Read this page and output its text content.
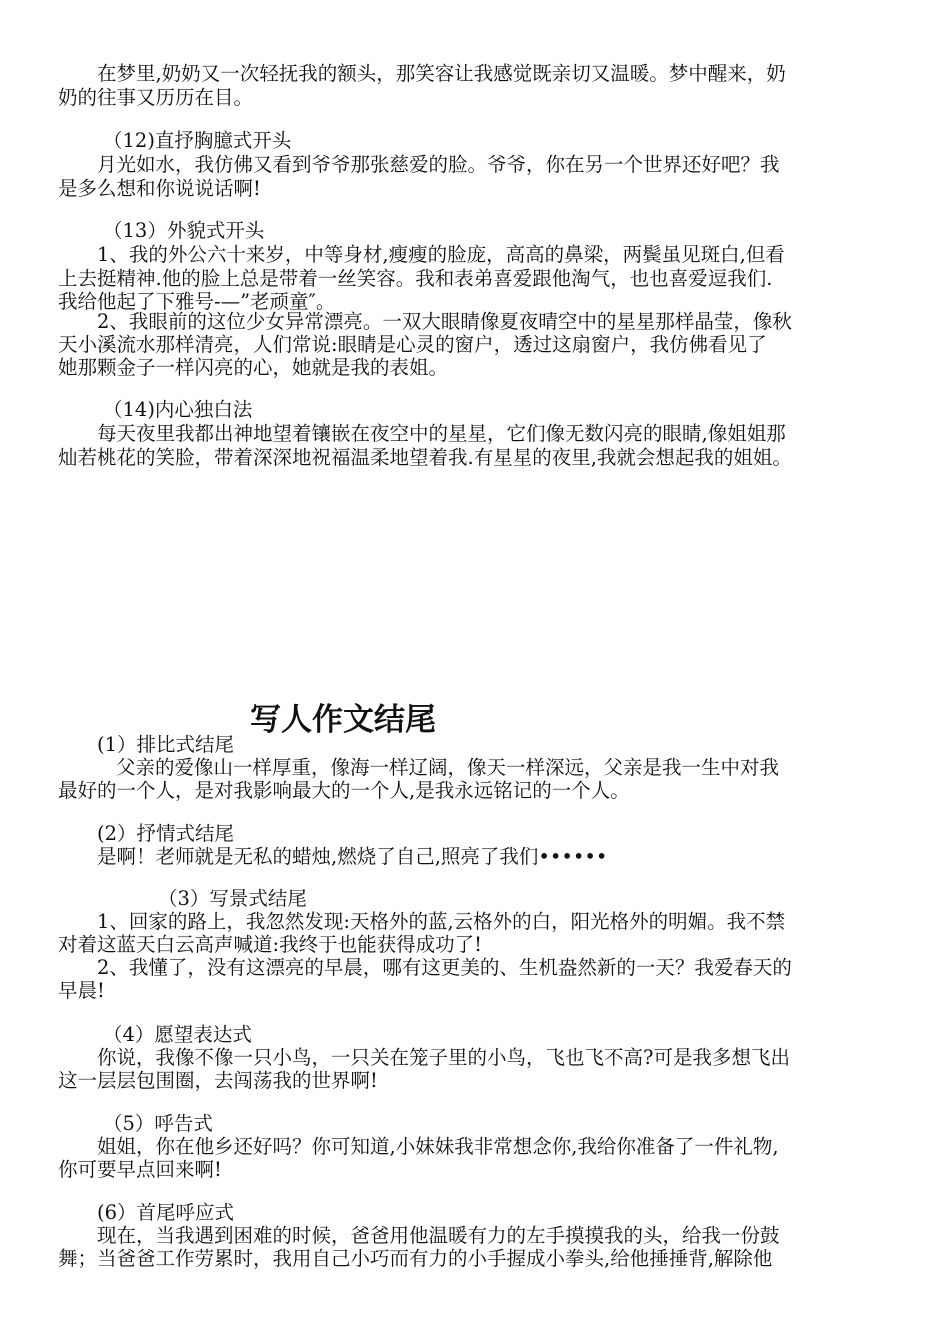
在梦里,奶奶又一次轻抚我的额头，那笑容让我感觉既亲切又温暖。梦中醒来，奶
奶的往事又历历在目。
（12)直抒胸臆式开头
月光如水，我仿佛又看到爷爷那张慈爱的脸。爷爷，你在另一个世界还好吧？我
是多么想和你说说话啊!
（13）外貌式开头
1、我的外公六十来岁，中等身材,瘦瘦的脸庞，高高的鼻梁，两鬓虽见斑白,但看
上去挺精神.他的脸上总是带着一丝笑容。我和表弟喜爱跟他淘气，也也喜爱逗我们.
我给他起了下雅号-—”老顽童″。
2、我眼前的这位少女异常漂亮。一双大眼睛像夏夜晴空中的星星那样晶莹，像秋
天小溪流水那样清亮，人们常说:眼睛是心灵的窗户，透过这扇窗户，我仿佛看见了
她那颗金子一样闪亮的心，她就是我的表姐。
（14)内心独白法
每天夜里我都出神地望着镶嵌在夜空中的星星，它们像无数闪亮的眼睛,像姐姐那
灿若桃花的笑脸，带着深深地祝福温柔地望着我.有星星的夜里,我就会想起我的姐姐。
写人作文结尾
(1）排比式结尾
父亲的爱像山一样厚重，像海一样辽阔，像天一样深远，父亲是我一生中对我
最好的一个人，是对我影响最大的一个人,是我永远铭记的一个人。
(2）抒情式结尾
是啊！老师就是无私的蜡烛,燃烧了自己,照亮了我们••••••
（3）写景式结尾
1、回家的路上，我忽然发现:天格外的蓝,云格外的白，阳光格外的明媚。我不禁
对着这蓝天白云高声喊道:我终于也能获得成功了!
2、我懂了，没有这漂亮的早晨，哪有这更美的、生机盎然新的一天？我爱春天的
早晨!
（4）愿望表达式
你说，我像不像一只小鸟，一只关在笼子里的小鸟，飞也飞不高?可是我多想飞出
这一层层包围圈，去闯荡我的世界啊!
（5）呼告式
姐姐，你在他乡还好吗？你可知道,小妹妹我非常想念你,我给你准备了一件礼物,
你可要早点回来啊!
(6）首尾呼应式
现在，当我遇到困难的时候，爸爸用他温暖有力的左手摸摸我的头，给我一份鼓
舞；当爸爸工作劳累时，我用自己小巧而有力的小手握成小拳头,给他捶捶背,解除他
